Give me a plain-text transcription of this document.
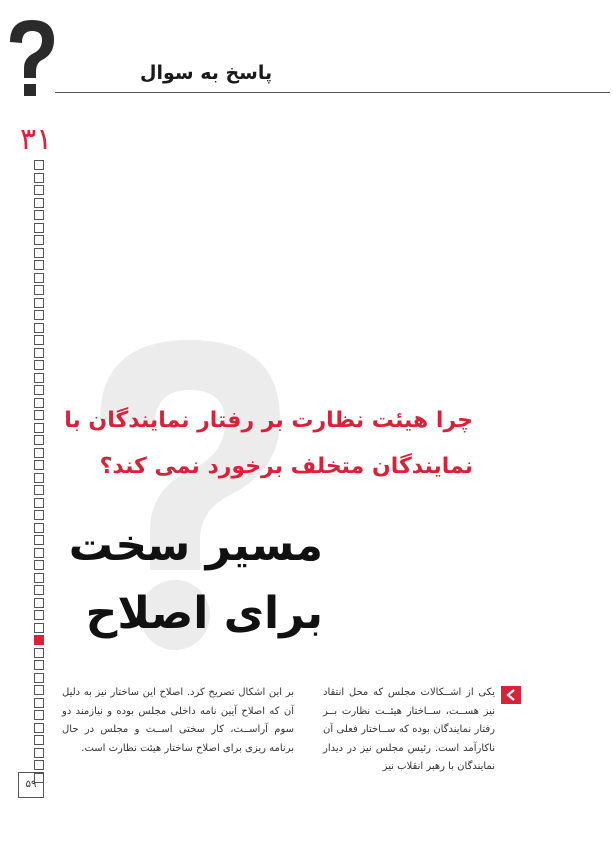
پاسخ به سوال
۳۱
چرا هیئت نظارت بر رفتار نمایندگان با
نمایندگان متخلف برخورد نمی کند؟
مسیر سخت
برای اصلاح
یکی از اشــکالات مجلس که محل انتقاد نیز هســت، ســاختار هیئــت نظارت بــر رفتار نمایندگان بوده که ســاختار فعلی آن ناکارآمد است. رئیس مجلس نیز در دیدار نمایندگان با رهبر انقلاب نیز
بر این اشکال تصریح کرد. اصلاح این ساختار نیز به دلیل آن که اصلاح آیین نامه داخلی مجلس بوده و نیازمند دو سوم آراســت، کار سختی اســت و مجلس در حال برنامه ریزی برای اصلاح ساختار هیئت نظارت است.
۵۹
